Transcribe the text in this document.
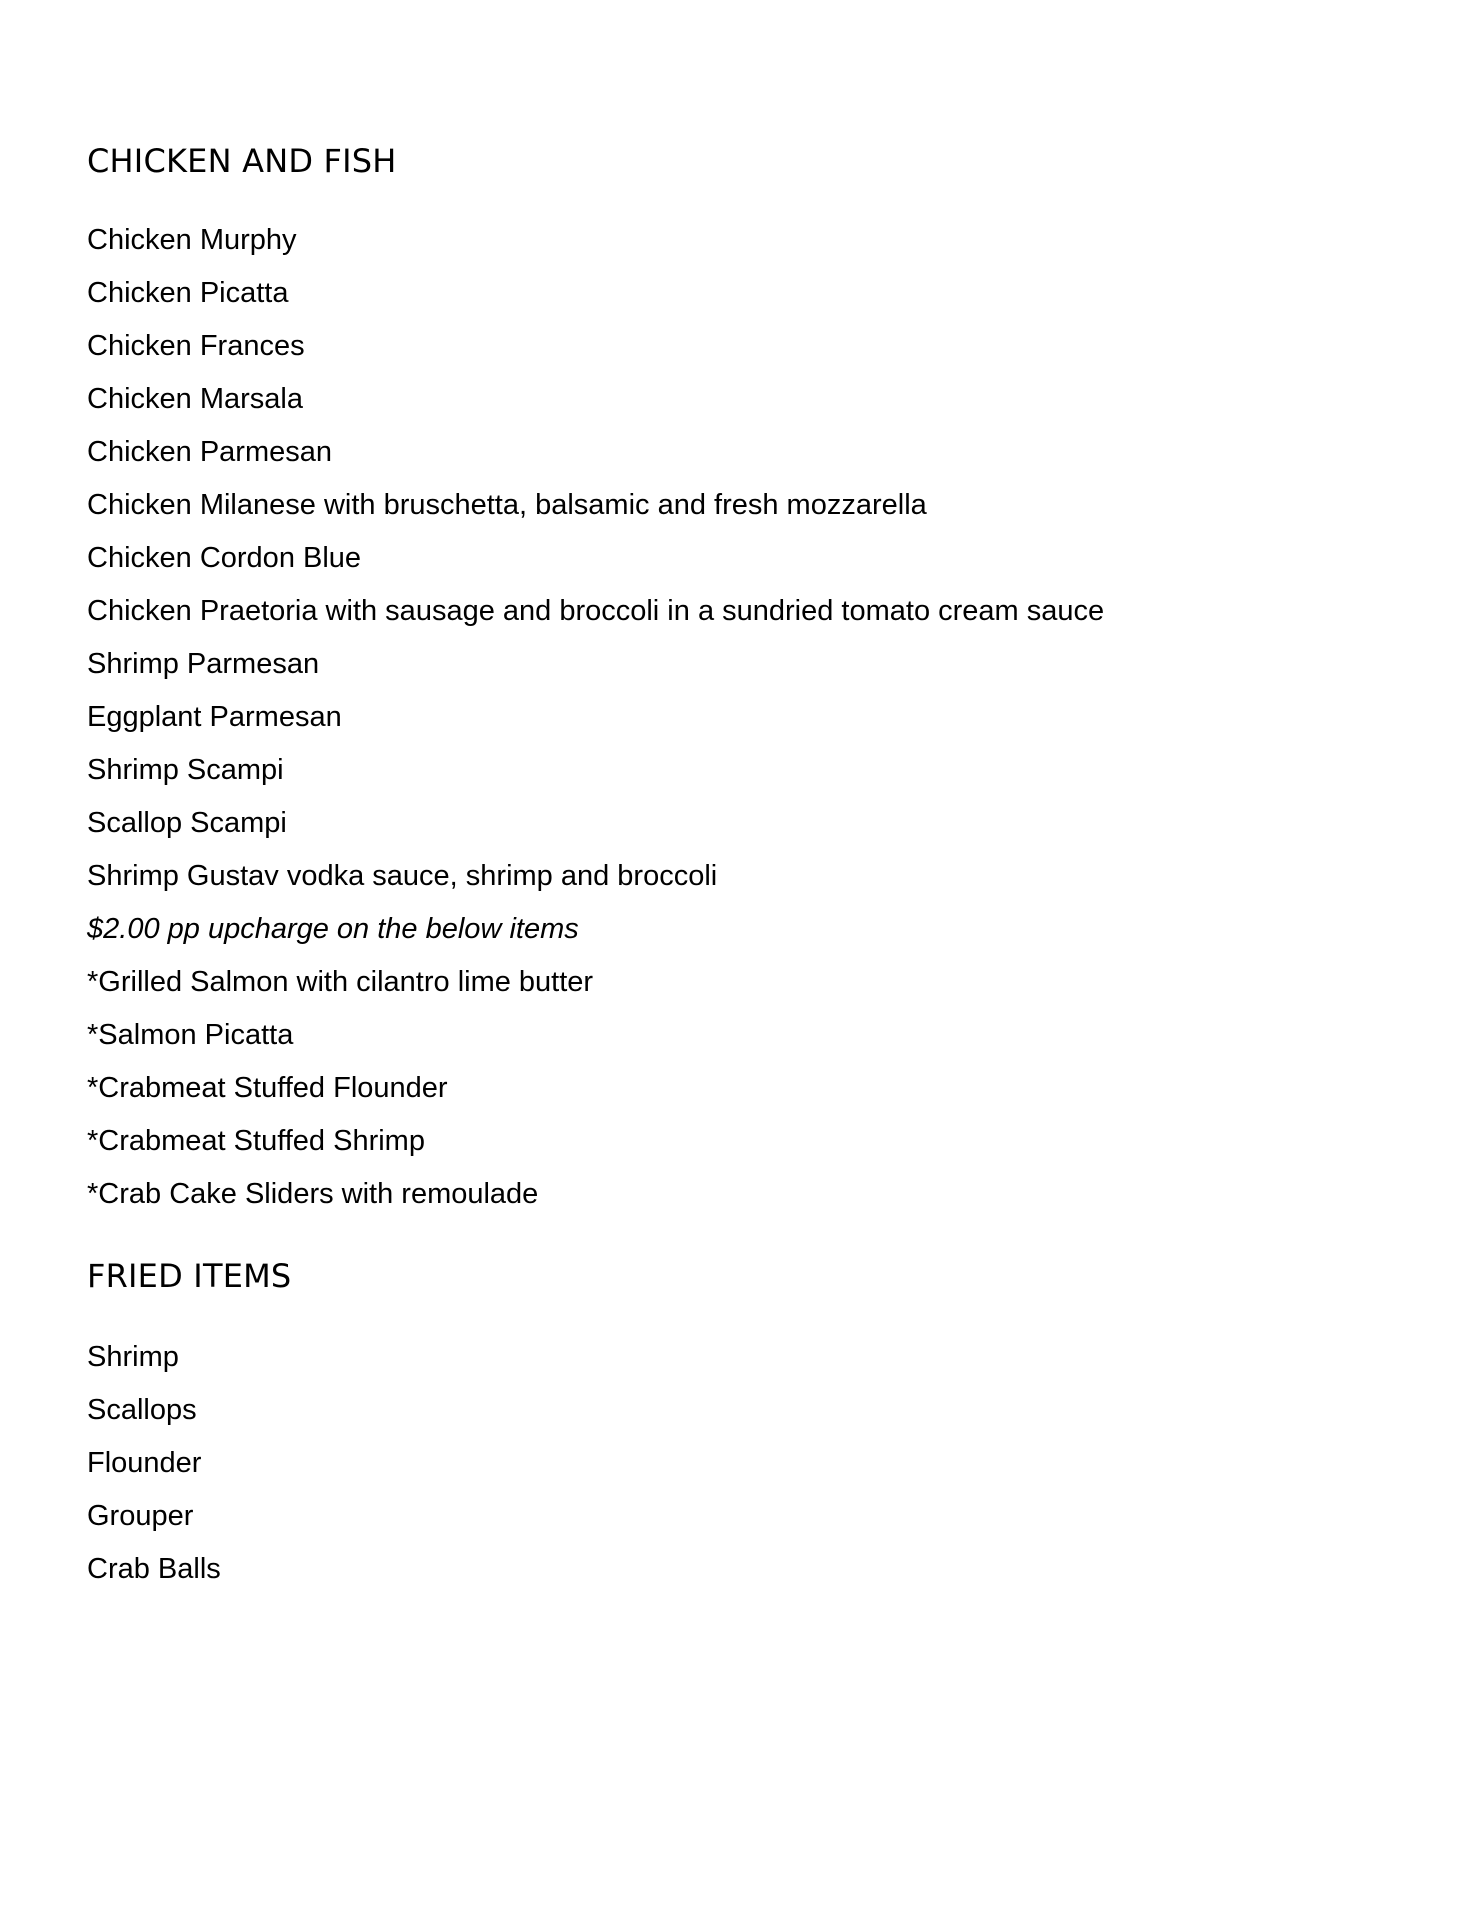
CHICKEN AND FISH
Chicken Murphy
Chicken Picatta
Chicken Frances
Chicken Marsala
Chicken Parmesan
Chicken Milanese with bruschetta, balsamic and fresh mozzarella
Chicken Cordon Blue
Chicken Praetoria with sausage and broccoli in a sundried tomato cream sauce
Shrimp Parmesan
Eggplant Parmesan
Shrimp Scampi
Scallop Scampi
Shrimp Gustav vodka sauce, shrimp and broccoli
$2.00 pp upcharge on the below items
*Grilled Salmon with cilantro lime butter
*Salmon Picatta
*Crabmeat Stuffed Flounder
*Crabmeat Stuffed Shrimp
*Crab Cake Sliders with remoulade
FRIED ITEMS
Shrimp
Scallops
Flounder
Grouper
Crab Balls
